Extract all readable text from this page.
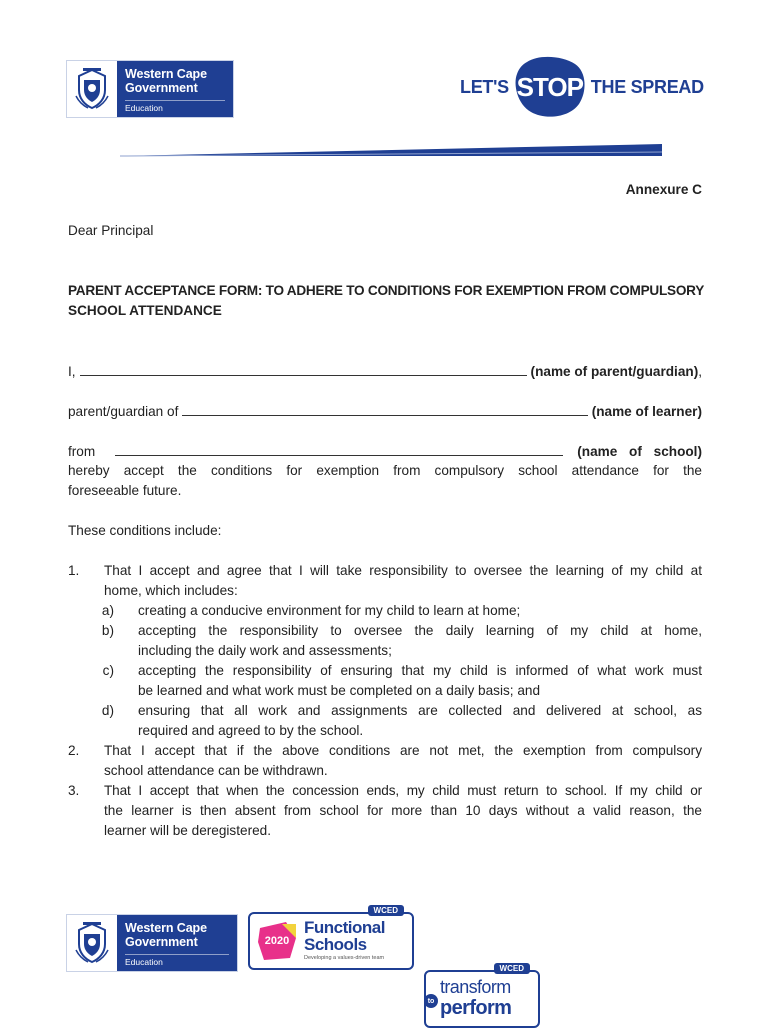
Western Cape
Government
Education
LET'S STOP THE SPREAD
Annexure C
Dear Principal
PARENT ACCEPTANCE FORM: TO ADHERE TO CONDITIONS FOR EXEMPTION FROM COMPULSORY
SCHOOL ATTENDANCE
I,	(name of parent/guardian) ,
parent/guardian of	(name of learner)
from	(name of school)
hereby accept the conditions for exemption from compulsory school attendance for the
foreseeable future.
These conditions include:
1. That I accept and agree that I will take responsibility to oversee the learning of my child at
home, which includes:
a) creating a conducive environment for my child to learn at home;
b) accepting the responsibility to oversee the daily learning of my child at home,
including the daily work and assessments;
c) accepting the responsibility of ensuring that my child is informed of what work must
be learned and what work must be completed on a daily basis; and
d) ensuring that all work and assignments are collected and delivered at school, as
required and agreed to by the school.
2. That I accept that if the above conditions are not met, the exemption from compulsory
school attendance can be withdrawn.
3. That I accept that when the concession ends, my child must return to school. If my child or
the learner is then absent from school for more than 10 days without a valid reason, the
learner will be deregistered.
Western Cape
Government
Education
WCED
2020
Functional
Schools
Developing a values-driven team
WCED
transform
to perform
